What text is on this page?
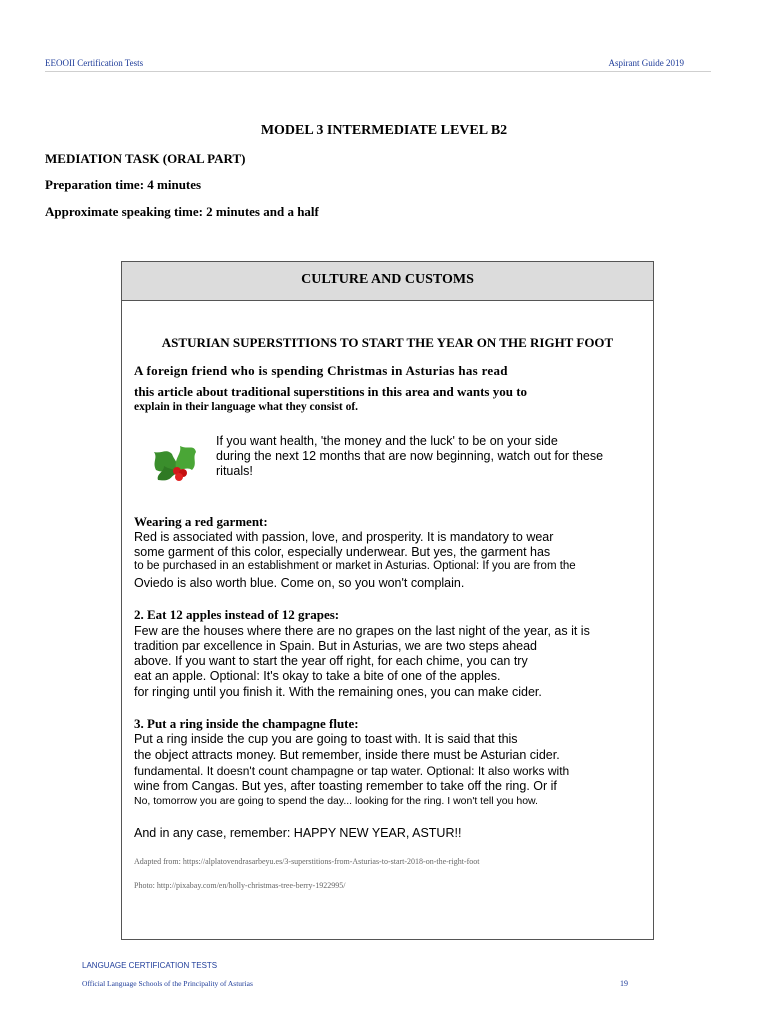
EEOOII Certification Tests	Aspirant Guide 2019
MODEL 3 INTERMEDIATE LEVEL B2
MEDIATION TASK (ORAL PART)
Preparation time: 4 minutes
Approximate speaking time: 2 minutes and a half
CULTURE AND CUSTOMS
ASTURIAN SUPERSTITIONS TO START THE YEAR ON THE RIGHT FOOT
A foreign friend who is spending Christmas in Asturias has read
this article about traditional superstitions in this area and wants you to
explain in their language what they consist of.
If you want health, 'the money and the luck' to be on your side
during the next 12 months that are now beginning, watch out for these
rituals!
Wearing a red garment:
Red is associated with passion, love, and prosperity. It is mandatory to wear
some garment of this color, especially underwear. But yes, the garment has
to be purchased in an establishment or market in Asturias. Optional: If you are from the
Oviedo is also worth blue. Come on, so you won't complain.
2. Eat 12 apples instead of 12 grapes:
Few are the houses where there are no grapes on the last night of the year, as it is
tradition par excellence in Spain. But in Asturias, we are two steps ahead
above. If you want to start the year off right, for each chime, you can try
eat an apple. Optional: It's okay to take a bite of one of the apples.
for ringing until you finish it. With the remaining ones, you can make cider.
3. Put a ring inside the champagne flute:
Put a ring inside the cup you are going to toast with. It is said that this
the object attracts money. But remember, inside there must be Asturian cider.
fundamental. It doesn't count champagne or tap water. Optional: It also works with
wine from Cangas. But yes, after toasting remember to take off the ring. Or if
No, tomorrow you are going to spend the day... looking for the ring. I won't tell you how.
And in any case, remember: HAPPY NEW YEAR, ASTUR!!
Adapted from: https://alplatovendrasarbeyu.es/3-superstitions-from-Asturias-to-start-2018-on-the-right-foot
Photo: http://pixabay.com/en/holly-christmas-tree-berry-1922995/
LANGUAGE CERTIFICATION TESTS
Official Language Schools of the Principality of Asturias	19
